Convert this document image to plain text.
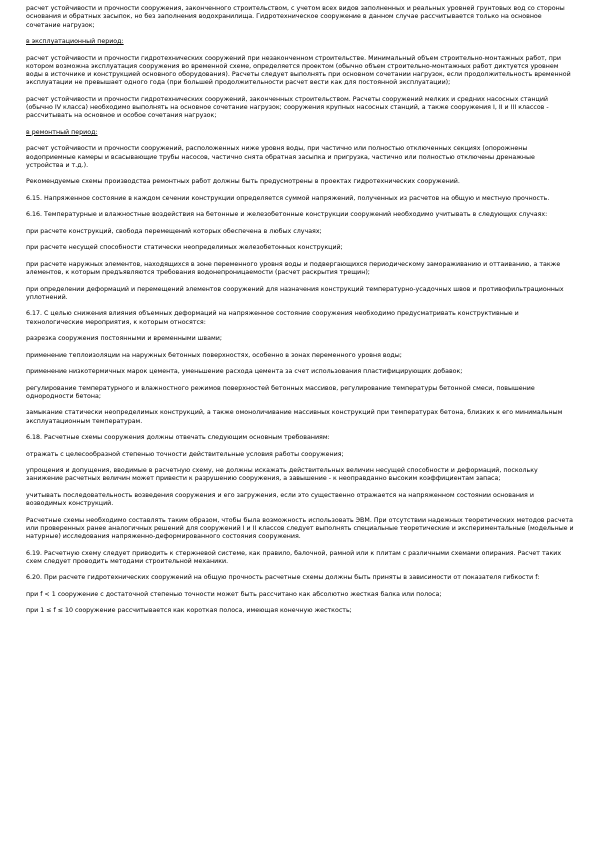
расчет устойчивости и прочности сооружения, законченного строительством, с учетом всех видов заполненных и реальных уровней грунтовых вод со стороны основания и обратных засыпок, но без заполнения водохранилища. Гидротехническое сооружение в данном случае рассчитывается только на основное сочетание нагрузок;

в эксплуатационный период:

расчет устойчивости и прочности гидротехнических сооружений при незаконченном строительстве. Минимальный объем строительно-монтажных работ, при котором возможна эксплуатация сооружения во временной схеме, определяется проектом (обычно объем строительно-монтажных работ диктуется уровнем воды в источнике и конструкцией основного оборудования). Расчеты следует выполнять при основном сочетании нагрузок, если продолжительность временной эксплуатации не превышает одного года (при большей продолжительности расчет вести как для постоянной эксплуатации);

расчет устойчивости и прочности гидротехнических сооружений, законченных строительством. Расчеты сооружений мелких и средних насосных станций (обычно IV класса) необходимо выполнять на основное сочетание нагрузок; сооружения крупных насосных станций, а также сооружения I, II и III классов - рассчитывать на основное и особое сочетания нагрузок;

в ремонтный период:

расчет устойчивости и прочности сооружений, расположенных ниже уровня воды, при частично или полностью отключенных секциях (опорожнены водоприемные камеры и всасывающие трубы насосов, частично снята обратная засыпка и пригрузка, частично или полностью отключены дренажные устройства и т.д.).

Рекомендуемые схемы производства ремонтных работ должны быть предусмотрены в проектах гидротехнических сооружений.

6.15. Напряженное состояние в каждом сечении конструкции определяется суммой напряжений, полученных из расчетов на общую и местную прочность.

6.16. Температурные и влажностные воздействия на бетонные и железобетонные конструкции сооружений необходимо учитывать в следующих случаях:

при расчете конструкций, свобода перемещений которых обеспечена в любых случаях;

при расчете несущей способности статически неопределимых железобетонных конструкций;

при расчете наружных элементов, находящихся в зоне переменного уровня воды и подвергающихся периодическому замораживанию и оттаиванию, а также элементов, к которым предъявляются требования водонепроницаемости (расчет раскрытия трещин);

при определении деформаций и перемещений элементов сооружений для назначения конструкций температурно-усадочных швов и противофильтрационных уплотнений.

6.17. С целью снижения влияния объемных деформаций на напряженное состояние сооружения необходимо предусматривать конструктивные и технологические мероприятия, к которым относятся:

разрезка сооружения постоянными и временными швами;

применение теплоизоляции на наружных бетонных поверхностях, особенно в зонах переменного уровня воды;

применение низкотермичных марок цемента, уменьшение расхода цемента за счет использования пластифицирующих добавок;

регулирование температурного и влажностного режимов поверхностей бетонных массивов, регулирование температуры бетонной смеси, повышение однородности бетона;

замыкание статически неопределимых конструкций, а также омоноличивание массивных конструкций при температурах бетона, близких к его минимальным эксплуатационным температурам.

6.18. Расчетные схемы сооружения должны отвечать следующим основным требованиям:

отражать с целесообразной степенью точности действительные условия работы сооружения;

упрощения и допущения, вводимые в расчетную схему, не должны искажать действительных величин несущей способности и деформаций, поскольку занижение расчетных величин может привести к разрушению сооружения, а завышение - к неоправданно высоким коэффициентам запаса;

учитывать последовательность возведения сооружения и его загружения, если это существенно отражается на напряженном состоянии основания и возводимых конструкций.

Расчетные схемы необходимо составлять таким образом, чтобы была возможность использовать ЭВМ. При отсутствии надежных теоретических методов расчета или проверенных ранее аналогичных решений для сооружений I и II классов следует выполнять специальные теоретические и экспериментальные (модельные и натурные) исследования напряженно-деформированного состояния сооружения.

6.19. Расчетную схему следует приводить к стержневой системе, как правило, балочной, рамной или к плитам с различными схемами опирания. Расчет таких схем следует проводить методами строительной механики.

6.20. При расчете гидротехнических сооружений на общую прочность расчетные схемы должны быть приняты в зависимости от показателя гибкости f:

при f < 1 сооружение с достаточной степенью точности может быть рассчитано как абсолютно жесткая балка или полоса;

при 1 ≤ f ≤ 10 сооружение рассчитывается как короткая полоса, имеющая конечную жесткость;
